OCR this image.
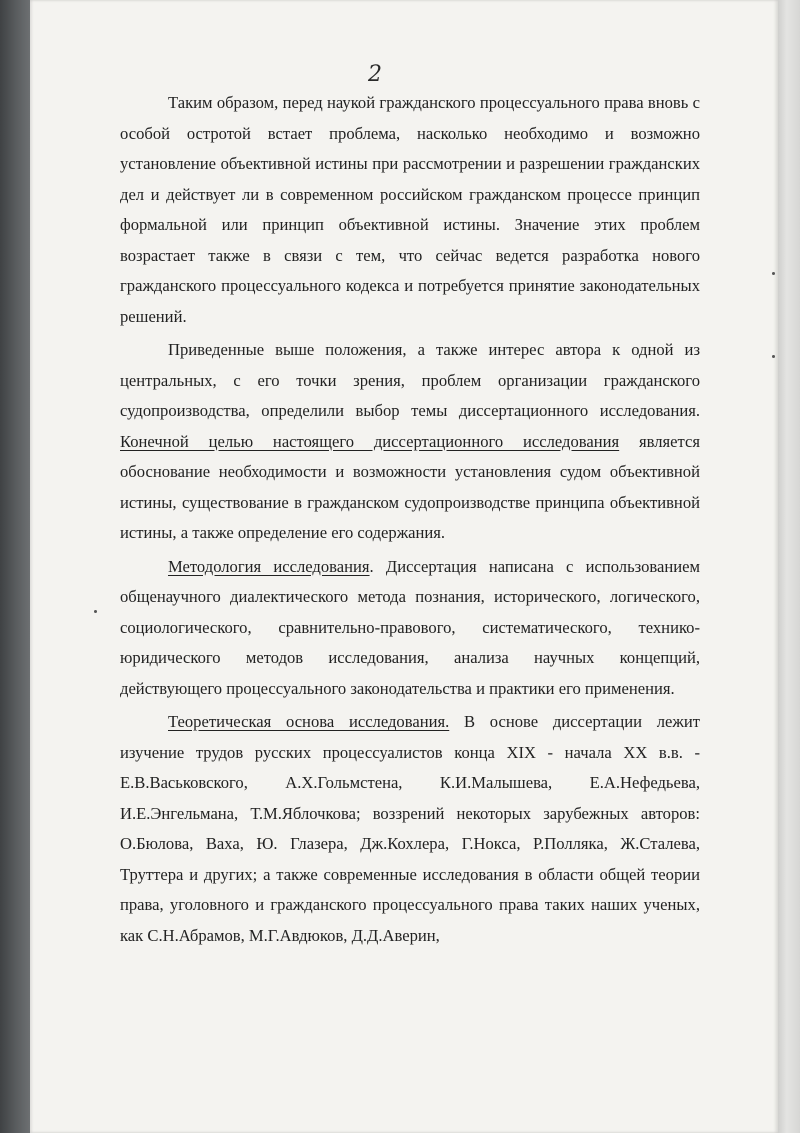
2

Таким образом, перед наукой гражданского процессуального права вновь с особой остротой встает проблема, насколько необходимо и возможно установление объективной истины при рассмотрении и разрешении гражданских дел и действует ли в современном российском гражданском процессе принцип формальной или принцип объективной истины. Значение этих проблем возрастает также в связи с тем, что сейчас ведется разработка нового гражданского процессуального кодекса и потребуется принятие законодательных решений.

Приведенные выше положения, а также интерес автора к одной из центральных, с его точки зрения, проблем организации гражданского судопроизводства, определили выбор темы диссертационного исследования. Конечной целью настоящего диссертационного исследования является обоснование необходимости и возможности установления судом объективной истины, существование в гражданском судопроизводстве принципа объективной истины, а также определение его содержания.

Методология исследования. Диссертация написана с использованием общенаучного диалектического метода познания, исторического, логического, социологического, сравнительно-правового, систематического, технико-юридического методов исследования, анализа научных концепций, действующего процессуального законодательства и практики его применения.

Теоретическая основа исследования. В основе диссертации лежит изучение трудов русских процессуалистов конца XIX - начала XX в.в. - Е.В.Васьковского, А.Х.Гольмстена, К.И.Малышева, Е.А.Нефедьева, И.Е.Энгельмана, Т.М.Яблочкова; воззрений некоторых зарубежных авторов: О.Бюлова, Ваха, Ю. Глазера, Дж.Кохлера, Г.Нокса, Р.Полляка, Ж.Сталева, Труттера и других; а также современные исследования в области общей теории права, уголовного и гражданского процессуального права таких наших ученых, как С.Н.Абрамов, М.Г.Авдюков, Д.Д.Аверин,
